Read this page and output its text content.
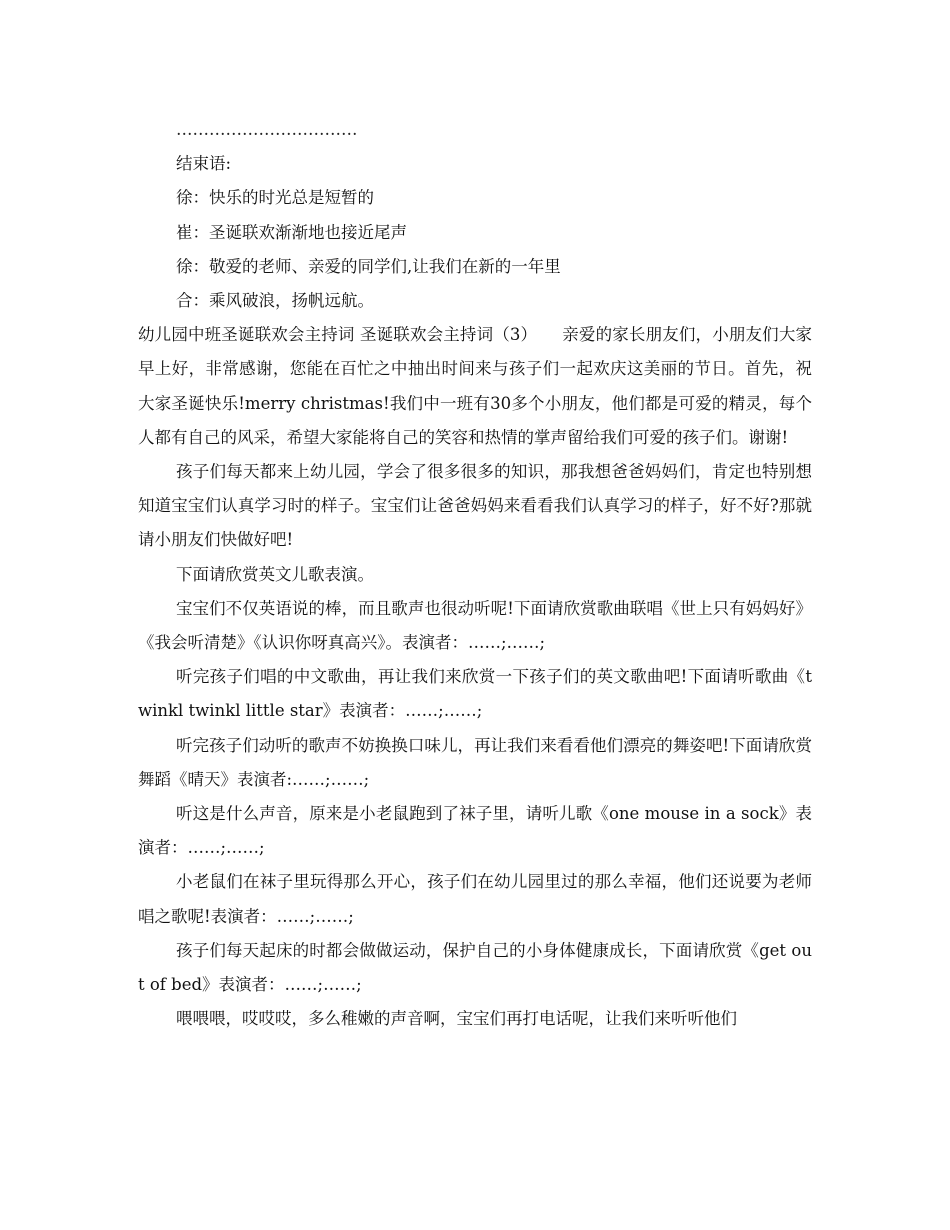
……………………………

结束语:

徐：快乐的时光总是短暂的

崔：圣诞联欢渐渐地也接近尾声

徐：敬爱的老师、亲爱的同学们,让我们在新的一年里

合：乘风破浪，扬帆远航。

幼儿园中班圣诞联欢会主持词 圣诞联欢会主持词（3）　　亲爱的家长朋友们，小朋友们大家早上好，非常感谢，您能在百忙之中抽出时间来与孩子们一起欢庆这美丽的节日。首先，祝大家圣诞快乐!merry christmas!我们中一班有30多个小朋友，他们都是可爱的精灵，每个人都有自己的风采，希望大家能将自己的笑容和热情的掌声留给我们可爱的孩子们。谢谢!

孩子们每天都来上幼儿园，学会了很多很多的知识，那我想爸爸妈妈们，肯定也特别想知道宝宝们认真学习时的样子。宝宝们让爸爸妈妈来看看我们认真学习的样子，好不好?那就请小朋友们快做好吧!

下面请欣赏英文儿歌表演。

宝宝们不仅英语说的棒，而且歌声也很动听呢!下面请欣赏歌曲联唱《世上只有妈妈好》《我会听清楚》《认识你呀真高兴》。表演者：……;……;

听完孩子们唱的中文歌曲，再让我们来欣赏一下孩子们的英文歌曲吧!下面请听歌曲《twinkl twinkl little star》表演者：……;……;

听完孩子们动听的歌声不妨换换口味儿，再让我们来看看他们漂亮的舞姿吧!下面请欣赏舞蹈《晴天》表演者:……;……;

听这是什么声音，原来是小老鼠跑到了袜子里，请听儿歌《one mouse in a sock》表演者：……;……;

小老鼠们在袜子里玩得那么开心，孩子们在幼儿园里过的那么幸福，他们还说要为老师唱之歌呢!表演者：……;……;

孩子们每天起床的时都会做做运动，保护自己的小身体健康成长，下面请欣赏《get out of bed》表演者：……;……;

喂喂喂，哎哎哎，多么稚嫩的声音啊，宝宝们再打电话呢，让我们来听听他们
